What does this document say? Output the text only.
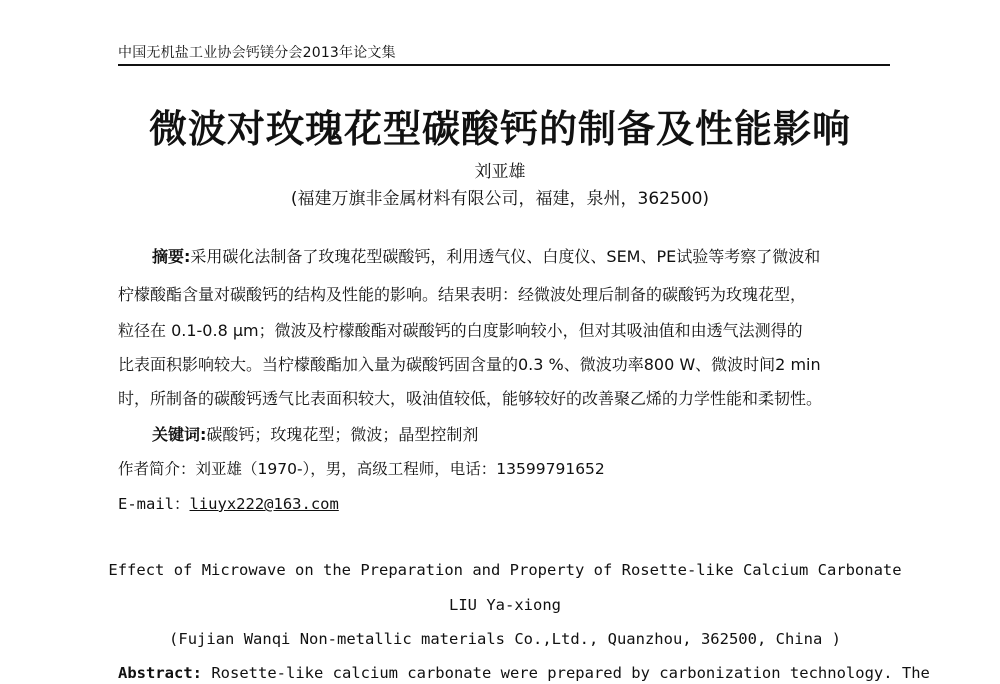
中国无机盐工业协会钙镁分会2013年论文集
微波对玫瑰花型碳酸钙的制备及性能影响
刘亚雄
(福建万旗非金属材料有限公司，福建，泉州，362500)
摘要:采用碳化法制备了玫瑰花型碳酸钙，利用透气仪、白度仪、SEM、PE试验等考察了微波和
柠檬酸酯含量对碳酸钙的结构及性能的影响。结果表明：经微波处理后制备的碳酸钙为玫瑰花型，
粒径在 0.1-0.8 μm；微波及柠檬酸酯对碳酸钙的白度影响较小，但对其吸油值和由透气法测得的
比表面积影响较大。当柠檬酸酯加入量为碳酸钙固含量的0.3 %、微波功率800 W、微波时间2 min
时，所制备的碳酸钙透气比表面积较大，吸油值较低，能够较好的改善聚乙烯的力学性能和柔韧性。
关键词:碳酸钙；玫瑰花型；微波；晶型控制剂
作者简介：刘亚雄（1970-），男，高级工程师，电话：13599791652
E-mail：liuyx222@163.com
Effect of Microwave on the Preparation and Property of Rosette-like Calcium Carbonate
LIU Ya-xiong
(Fujian Wanqi Non-metallic materials Co.,Ltd., Quanzhou, 362500, China )
Abstract: Rosette-like calcium carbonate were prepared by carbonization technology. The
